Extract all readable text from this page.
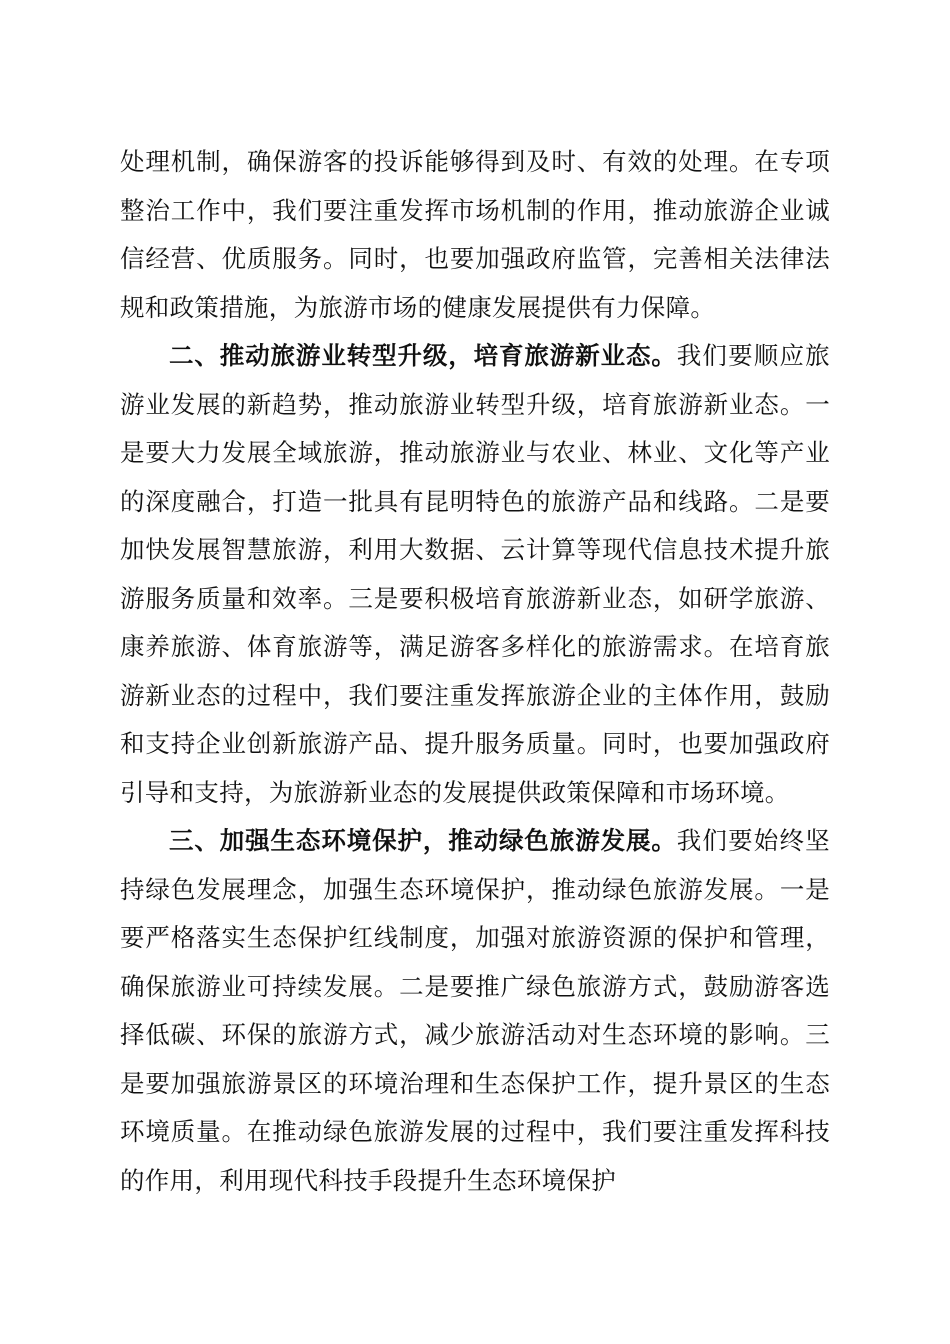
处理机制，确保游客的投诉能够得到及时、有效的处理。在专项整治工作中，我们要注重发挥市场机制的作用，推动旅游企业诚信经营、优质服务。同时，也要加强政府监管，完善相关法律法规和政策措施，为旅游市场的健康发展提供有力保障。

二、推动旅游业转型升级，培育旅游新业态。我们要顺应旅游业发展的新趋势，推动旅游业转型升级，培育旅游新业态。一是要大力发展全域旅游，推动旅游业与农业、林业、文化等产业的深度融合，打造一批具有昆明特色的旅游产品和线路。二是要加快发展智慧旅游，利用大数据、云计算等现代信息技术提升旅游服务质量和效率。三是要积极培育旅游新业态，如研学旅游、康养旅游、体育旅游等，满足游客多样化的旅游需求。在培育旅游新业态的过程中，我们要注重发挥旅游企业的主体作用，鼓励和支持企业创新旅游产品、提升服务质量。同时，也要加强政府引导和支持，为旅游新业态的发展提供政策保障和市场环境。

三、加强生态环境保护，推动绿色旅游发展。我们要始终坚持绿色发展理念，加强生态环境保护，推动绿色旅游发展。一是要严格落实生态保护红线制度，加强对旅游资源的保护和管理，确保旅游业可持续发展。二是要推广绿色旅游方式，鼓励游客选择低碳、环保的旅游方式，减少旅游活动对生态环境的影响。三是要加强旅游景区的环境治理和生态保护工作，提升景区的生态环境质量。在推动绿色旅游发展的过程中，我们要注重发挥科技的作用，利用现代科技手段提升生态环境保护
